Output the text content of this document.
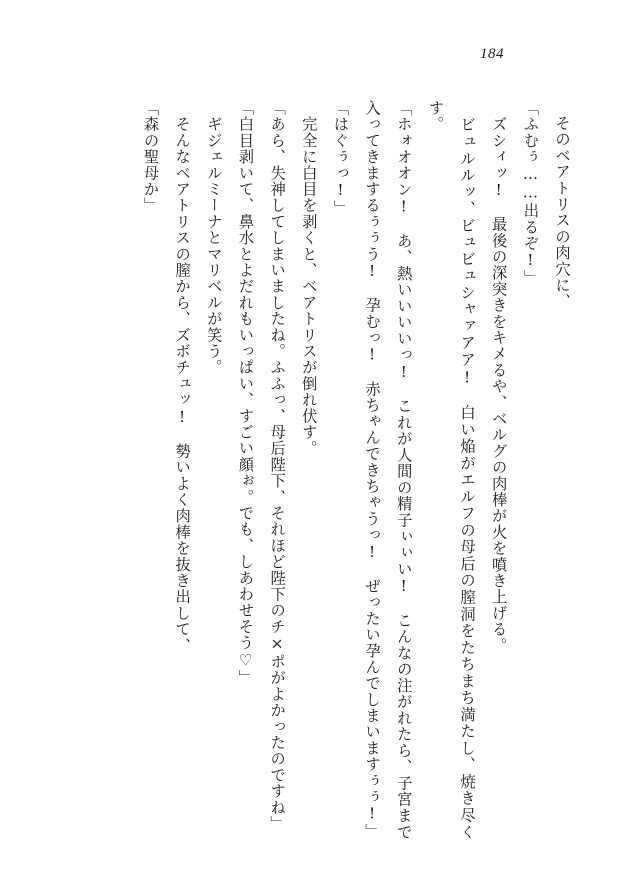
184
そのベアトリスの肉穴に、
「ふむぅ……出るぞ!」
　ズシィッ!　最後の深突きをキメるや、ベルグの肉棒が火を噴き上げる。
　ビュルルッ、ビュビュシャァアア!　白い焔がエルフの母后の膣洞をたちまち満たし、焼き尽くす。
「ホォオオン!　あ、熱いいいいっ!　これが人間の精子ぃぃい!　こんなの注がれたら、子宮まで入ってきまするぅぅう!　孕むっ!　赤ちゃんできちゃうっ!　ぜったい孕んでしまいますぅぅ!」
「はぐぅっ!」
　完全に白目を剥くと、ベアトリスが倒れ伏す。
「あら、失神してしまいましたね。ふふっ、母后陛下、それほど陛下のチ×ポがよかったのですね」
「白目剥いて、鼻水とよだれもいっぱい、すごい顔ぉ。でも、しあわせそう♡」
　ギジェルミーナとマリベルが笑う。
　そんなベアトリスの膣から、ズボチュッ!　勢いよく肉棒を抜き出して、
「森の聖母か」
